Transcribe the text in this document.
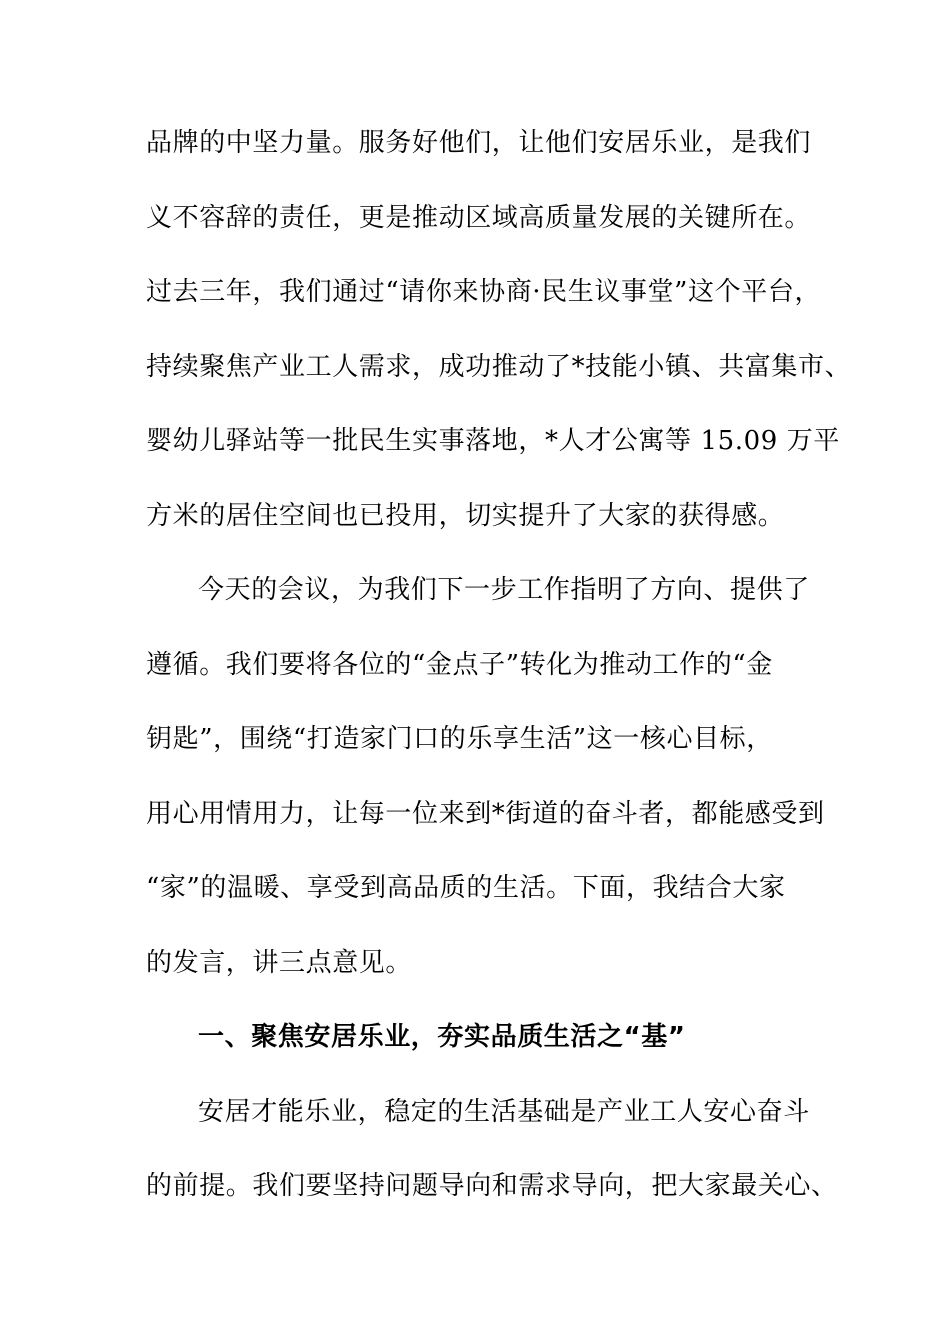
品牌的中坚力量。服务好他们，让他们安居乐业，是我们
义不容辞的责任，更是推动区域高质量发展的关键所在。
过去三年，我们通过“请你来协商·民生议事堂”这个平台，
持续聚焦产业工人需求，成功推动了*技能小镇、共富集市、
婴幼儿驿站等一批民生实事落地，*人才公寓等 15.09 万平
方米的居住空间也已投用，切实提升了大家的获得感。
今天的会议，为我们下一步工作指明了方向、提供了
遵循。我们要将各位的“金点子”转化为推动工作的“金
钥匙”，围绕“打造家门口的乐享生活”这一核心目标，
用心用情用力，让每一位来到*街道的奋斗者，都能感受到
“家”的温暖、享受到高品质的生活。下面，我结合大家
的发言，讲三点意见。
一、聚焦安居乐业，夯实品质生活之“基”
安居才能乐业，稳定的生活基础是产业工人安心奋斗
的前提。我们要坚持问题导向和需求导向，把大家最关心、
